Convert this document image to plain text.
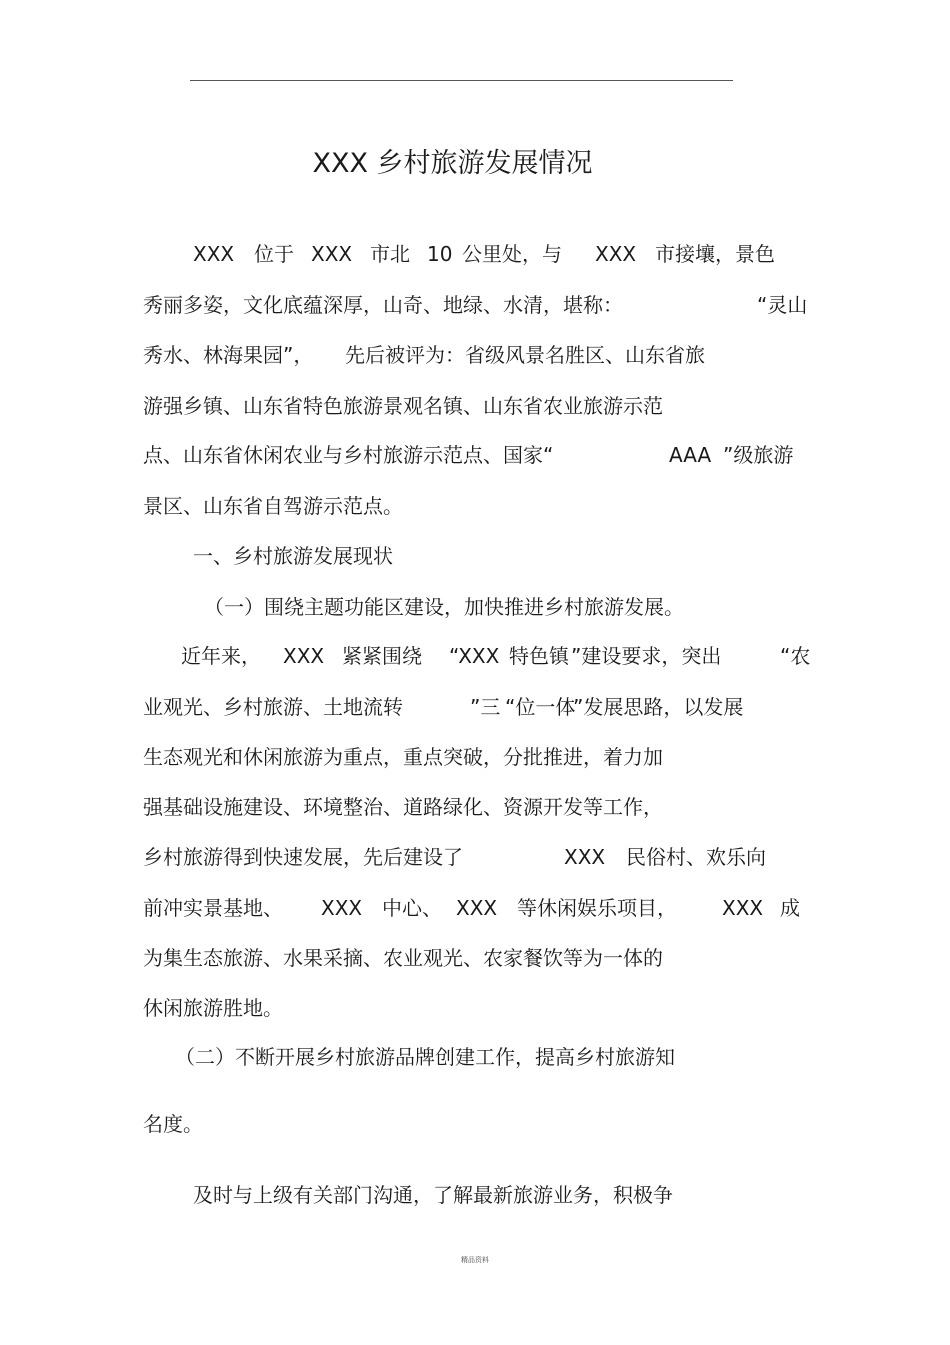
XXX 乡村旅游发展情况
XXX 位于 XXX 市北 10 公里处，与 XXX 市接壤，景色
秀丽多姿，文化底蕴深厚，山奇、地绿、水清，堪称：	“灵山
秀水、林海果园”， 先后被评为：省级风景名胜区、山东省旅
游强乡镇、山东省特色旅游景观名镇、山东省农业旅游示范
点、山东省休闲农业与乡村旅游示范点、国家“	AAA ”级旅游
景区、山东省自驾游示范点。
一、乡村旅游发展现状
（一）围绕主题功能区建设，加快推进乡村旅游发展。
近年来， XXX 紧紧围绕 “XXX 特色镇 ”建设要求，突出	“农
业观光、乡村旅游、土地流转	”三 “位一体
”发展思路，以发展
生态观光和休闲旅游为重点，重点突破，分批推进，着力加
强基础设施建设、环境整治、道路绿化、资源开发等工作，
乡村旅游得到快速发展，先后建设了	XXX 民俗村、欢乐向
前冲实景基地、 XXX 中心、 XXX 等休闲娱乐项目， XXX 成
为集生态旅游、水果采摘、农业观光、农家餐饮等为一体的
休闲旅游胜地。
（二）不断开展乡村旅游品牌创建工作，提高乡村旅游知
名度。
及时与上级有关部门沟通，了解最新旅游业务，积极争
精品资料
